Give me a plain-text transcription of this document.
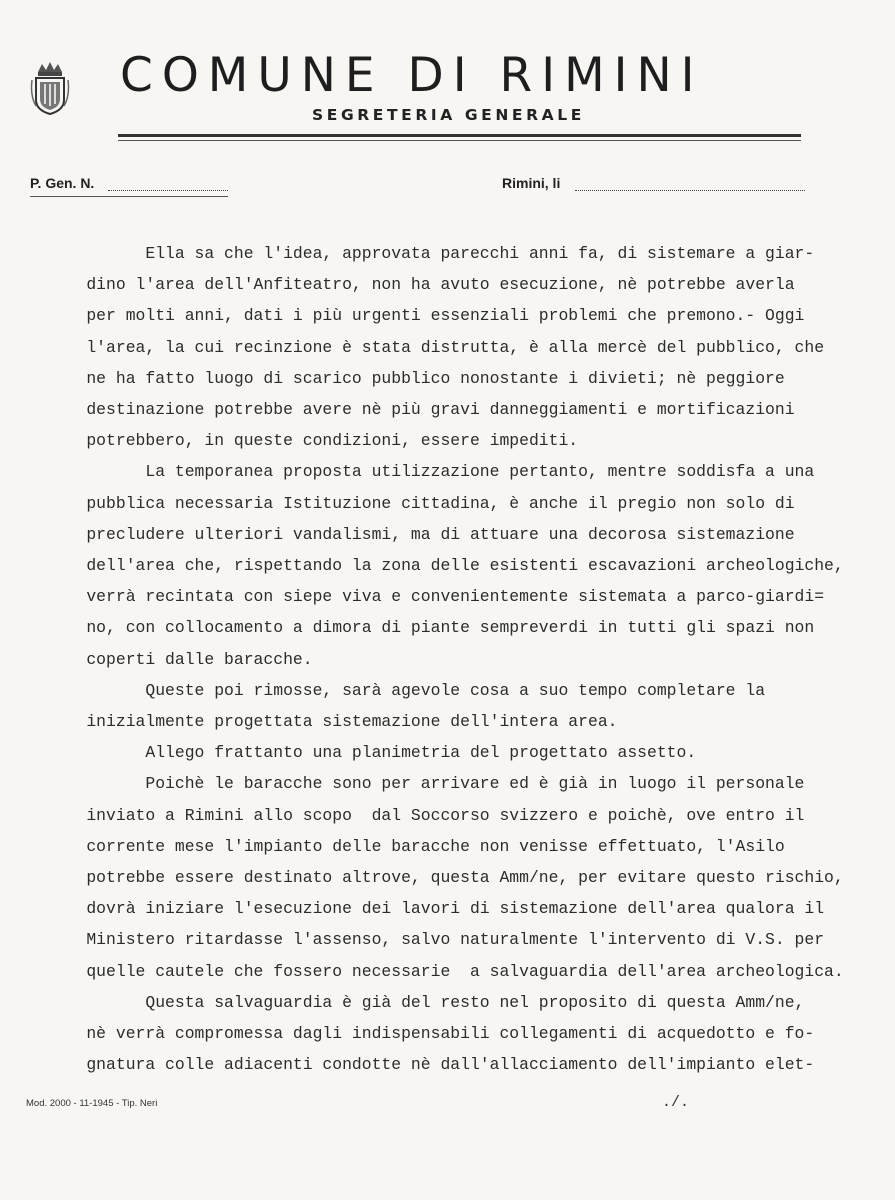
COMUNE DI RIMINI
SEGRETERIA GENERALE
P. Gen. N.	Rimini, li
Ella sa che l'idea, approvata parecchi anni fa, di sistemare a giar-
dino l'area dell'Anfiteatro, non ha avuto esecuzione, nè potrebbe averla
per molti anni, dati i più urgenti essenziali problemi che premono.- Oggi
l'area, la cui recinzione è stata distrutta, è alla mercè del pubblico, che
ne ha fatto luogo di scarico pubblico nonostante i divieti; nè peggiore
destinazione potrebbe avere nè più gravi danneggiamenti e mortificazioni
potrebbero, in queste condizioni, essere impediti.
La temporanea proposta utilizzazione pertanto, mentre soddisfa a una
pubblica necessaria Istituzione cittadina, è anche il pregio non solo di
precludere ulteriori vandalismi, ma di attuare una decorosa sistemazione
dell'area che, rispettando la zona delle esistenti escavazioni archeologiche,
verrà recintata con siepe viva e convenientemente sistemata a parco-giardi=
no, con collocamento a dimora di piante sempreverdi in tutti gli spazi non
coperti dalle baracche.
Queste poi rimosse, sarà agevole cosa a suo tempo completare la
inizialmente progettata sistemazione dell'intera area.
Allego frattanto una planimetria del progettato assetto.
Poichè le baracche sono per arrivare ed è già in luogo il personale
inviato a Rimini allo scopo  dal Soccorso svizzero e poichè, ove entro il
corrente mese l'impianto delle baracche non venisse effettuato, l'Asilo
potrebbe essere destinato altrove, questa Amm/ne, per evitare questo rischio,
dovrà iniziare l'esecuzione dei lavori di sistemazione dell'area qualora il
Ministero ritardasse l'assenso, salvo naturalmente l'intervento di V.S. per
quelle cautele che fossero necessarie  a salvaguardia dell'area archeologica.
Questa salvaguardia è già del resto nel proposito di questa Amm/ne,
nè verrà compromessa dagli indispensabili collegamenti di acquedotto e fo-
gnatura colle adiacenti condotte nè dall'allacciamento dell'impianto elet-
Mod. 2000 - 11-1945 - Tip. Neri	./.
